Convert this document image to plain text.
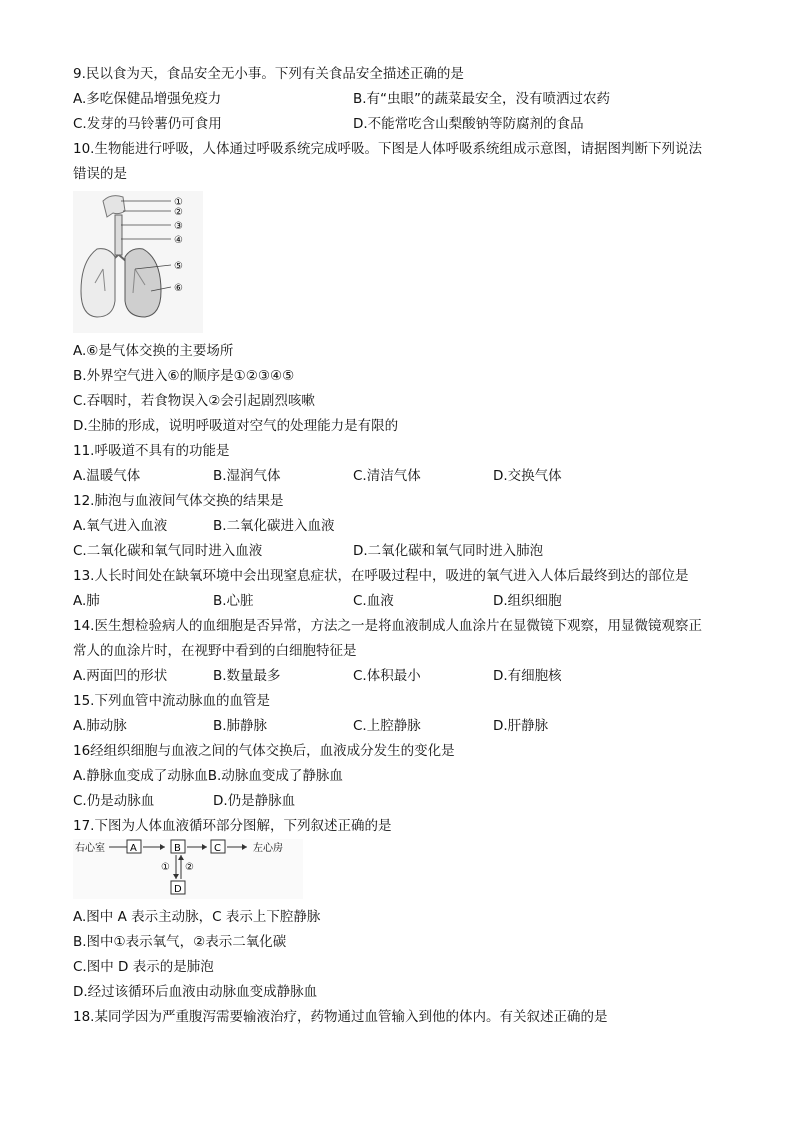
9.民以食为天，食品安全无小事。下列有关食品安全描述正确的是
A.多吃保健品增强免疫力	B.有“虫眼”的蔬菜最安全，没有喷洒过农药
C.发芽的马铃薯仍可食用	D.不能常吃含山梨酸钠等防腐剂的食品
10.生物能进行呼吸，人体通过呼吸系统完成呼吸。下图是人体呼吸系统组成示意图，请据图判断下列说法
错误的是
①
②
③
④
⑤
⑥
A.⑥是气体交换的主要场所
B.外界空气进入⑥的顺序是①②③④⑤
C.吞咽时，若食物误入②会引起剧烈咳嗽
D.尘肺的形成，说明呼吸道对空气的处理能力是有限的
11.呼吸道不具有的功能是
A.温暖气体	B.湿润气体	C.清洁气体	D.交换气体
12.肺泡与血液间气体交换的结果是
A.氧气进入血液	B.二氧化碳进入血液
C.二氧化碳和氧气同时进入血液	D.二氧化碳和氧气同时进入肺泡
13.人长时间处在缺氧环境中会出现窒息症状，在呼吸过程中，吸进的氧气进入人体后最终到达的部位是
A.肺	B.心脏	C.血液	D.组织细胞
14.医生想检验病人的血细胞是否异常，方法之一是将血液制成人血涂片在显微镜下观察，用显微镜观察正
常人的血涂片时，在视野中看到的白细胞特征是
A.两面凹的形状	B.数量最多	C.体积最小	D.有细胞核
15.下列血管中流动脉血的血管是
A.肺动脉	B.肺静脉	C.上腔静脉	D.肝静脉
16经组织细胞与血液之间的气体交换后，血液成分发生的变化是
A.静脉血变成了动脉血B.动脉血变成了静脉血
C.仍是动脉血	D.仍是静脉血
17.下图为人体血液循环部分图解，下列叙述正确的是
右心室	A	B	C	左心房
① ②
D
A.图中 A 表示主动脉，C 表示上下腔静脉
B.图中①表示氧气，②表示二氧化碳
C.图中 D 表示的是肺泡
D.经过该循环后血液由动脉血变成静脉血
18.某同学因为严重腹泻需要输液治疗，药物通过血管输入到他的体内。有关叙述正确的是
